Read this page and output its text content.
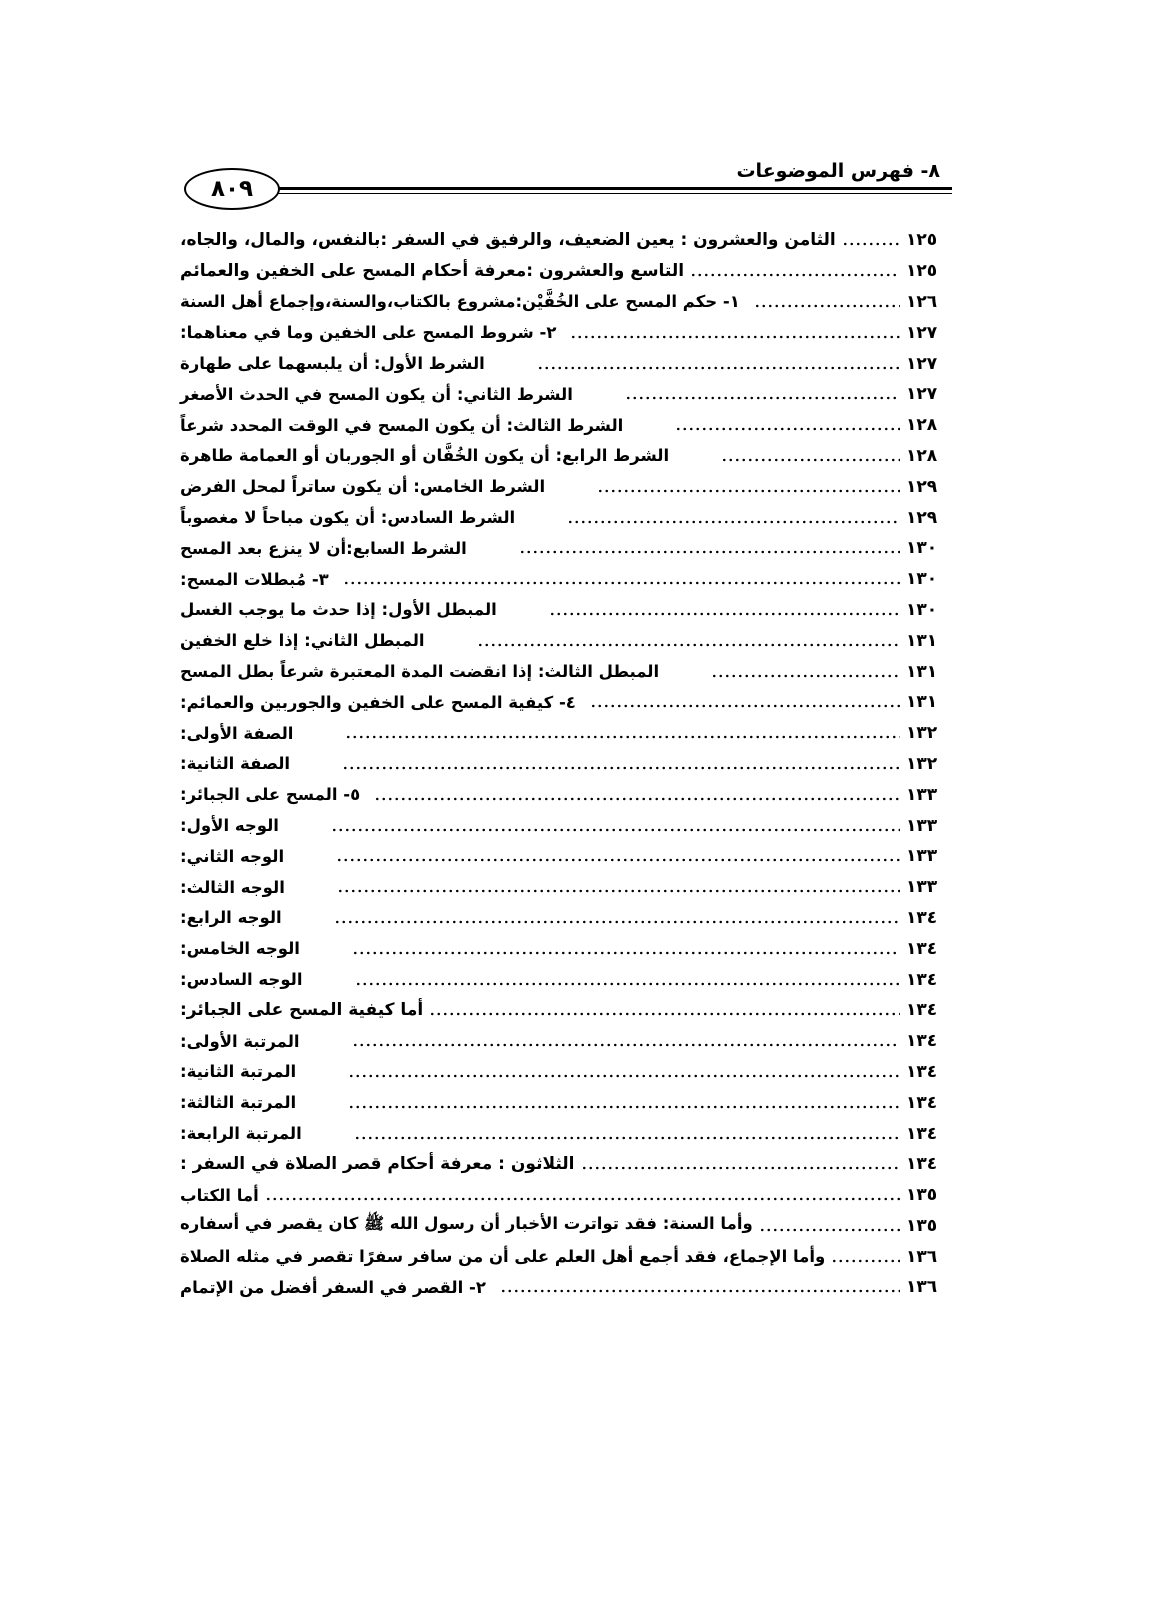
٨٠٩
٨- فهرس الموضوعات
الثامن والعشرون : يعين الضعيف، والرفيق في السفر :بالنفس، والمال، والجاه،	١٢٥
التاسع والعشرون :معرفة أحكام المسح على الخفين والعمائم	١٢٥
١- حكم المسح على الخُفَّيْن:مشروع بالكتاب،والسنة،وإجماع أهل السنة	١٢٦
٢- شروط المسح على الخفين وما في معناهما:	١٢٧
الشرط الأول: أن يلبسهما على طهارة	١٢٧
الشرط الثاني: أن يكون المسح في الحدث الأصغر	١٢٧
الشرط الثالث: أن يكون المسح في الوقت المحدد شرعاً	١٢٨
الشرط الرابع: أن يكون الخُفَّان أو الجوربان أو العمامة طاهرة	١٢٨
الشرط الخامس: أن يكون ساتراً لمحل الفرض	١٢٩
الشرط السادس: أن يكون مباحاً لا مغصوباً	١٢٩
الشرط السابع:أن لا ينزع بعد المسح	١٣٠
٣- مُبطلات المسح:	١٣٠
المبطل الأول: إذا حدث ما يوجب الغسل	١٣٠
المبطل الثاني: إذا خلع الخفين	١٣١
المبطل الثالث: إذا انقضت المدة المعتبرة شرعاً بطل المسح	١٣١
٤- كيفية المسح على الخفين والجوربين والعمائم:	١٣١
الصفة الأولى:	١٣٢
الصفة الثانية:	١٣٢
٥- المسح على الجبائر:	١٣٣
الوجه الأول:	١٣٣
الوجه الثاني:	١٣٣
الوجه الثالث:	١٣٣
الوجه الرابع:	١٣٤
الوجه الخامس:	١٣٤
الوجه السادس:	١٣٤
أما كيفية المسح على الجبائر:	١٣٤
المرتبة الأولى:	١٣٤
المرتبة الثانية:	١٣٤
المرتبة الثالثة:	١٣٤
المرتبة الرابعة:	١٣٤
الثلاثون : معرفة أحكام قصر الصلاة في السفر :	١٣٤
أما الكتاب	١٣٥
وأما السنة: فقد تواترت الأخبار أن رسول الله ﷺ كان يقصر في أسفاره	١٣٥
وأما الإجماع، فقد أجمع أهل العلم على أن من سافر سفرًا تقصر في مثله الصلاة	١٣٦
٢- القصر في السفر أفضل من الإتمام	١٣٦
